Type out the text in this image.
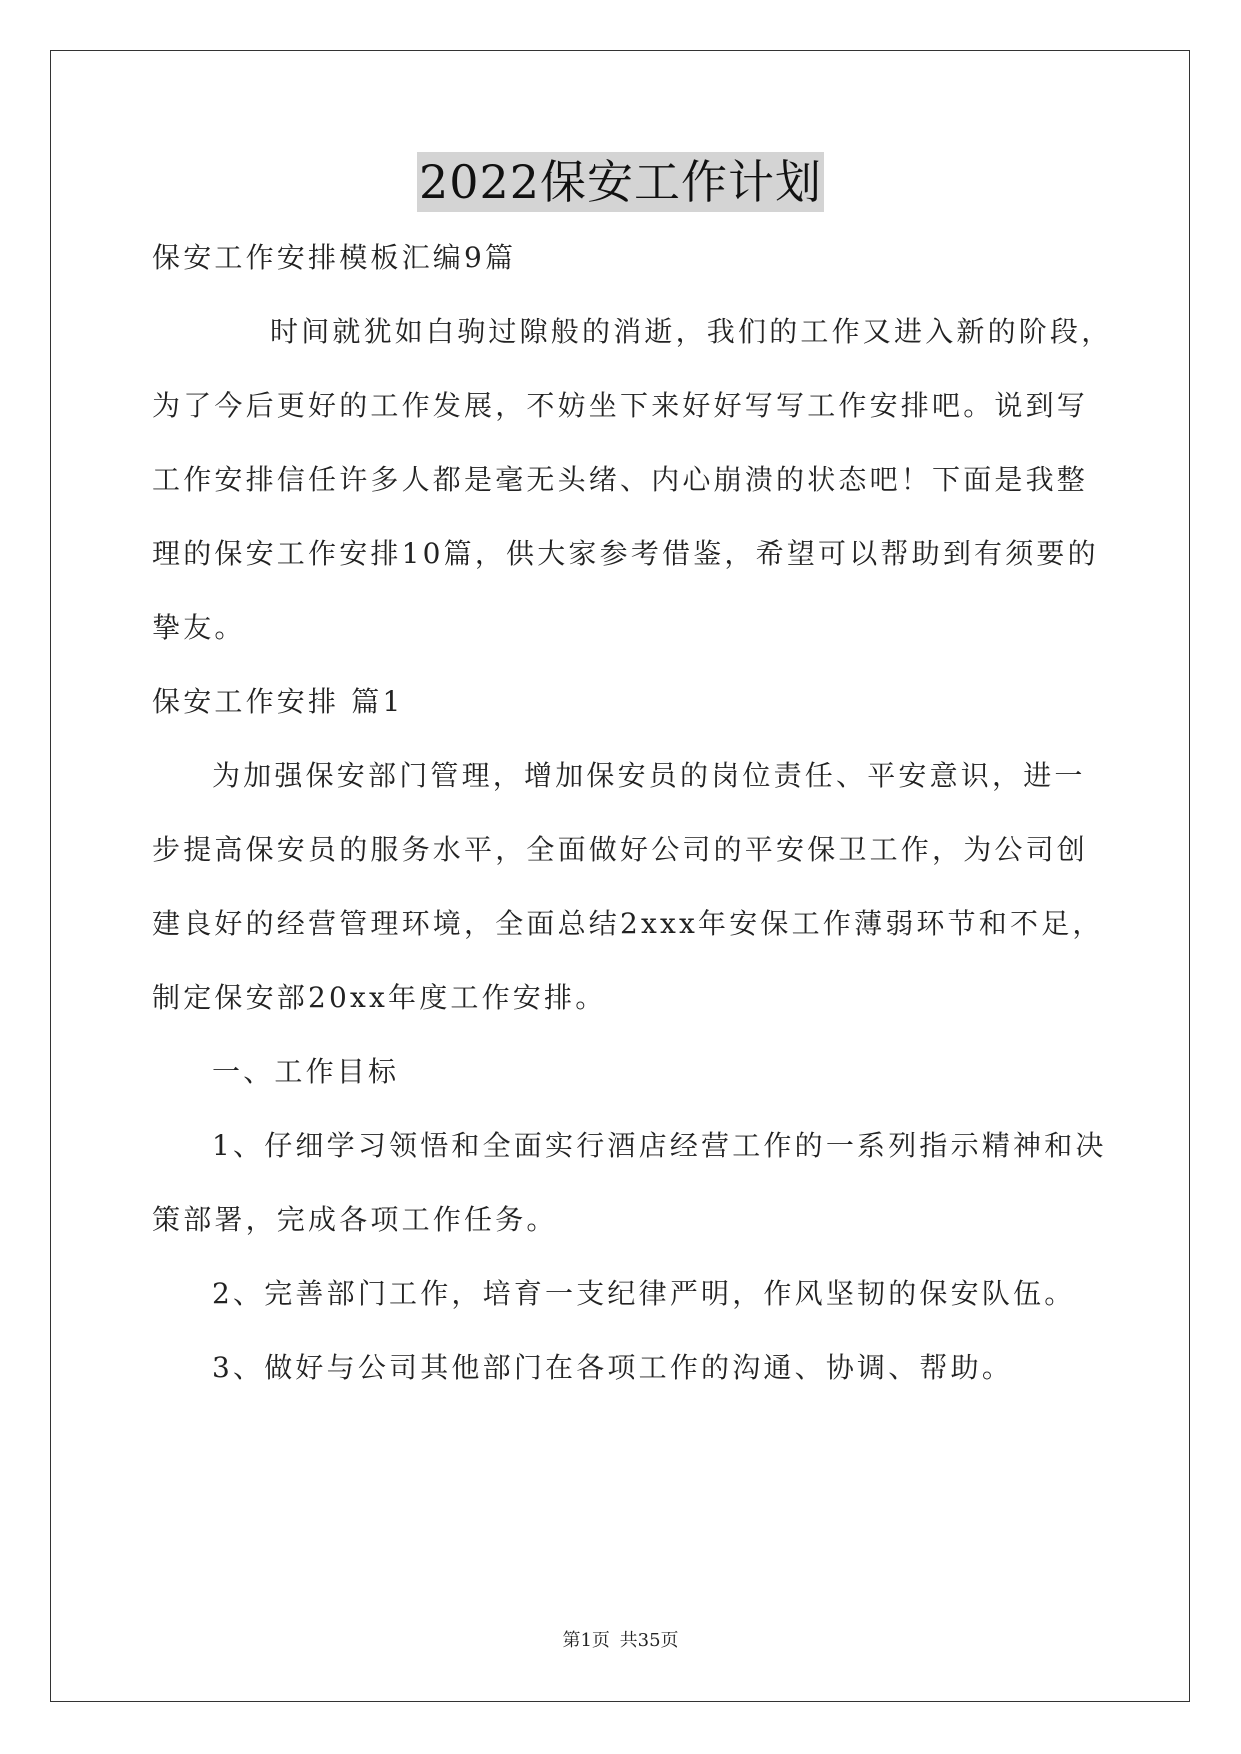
2022保安工作计划
保安工作安排模板汇编9篇
时间就犹如白驹过隙般的消逝，我们的工作又进入新的阶段，
为了今后更好的工作发展，不妨坐下来好好写写工作安排吧。说到写
工作安排信任许多人都是毫无头绪、内心崩溃的状态吧！下面是我整
理的保安工作安排10篇，供大家参考借鉴，希望可以帮助到有须要的
挚友。
保安工作安排 篇1
为加强保安部门管理，增加保安员的岗位责任、平安意识，进一
步提高保安员的服务水平，全面做好公司的平安保卫工作，为公司创
建良好的经营管理环境，全面总结2xxx年安保工作薄弱环节和不足，
制定保安部20xx年度工作安排。
一、工作目标
1、仔细学习领悟和全面实行酒店经营工作的一系列指示精神和决
策部署，完成各项工作任务。
2、完善部门工作，培育一支纪律严明，作风坚韧的保安队伍。
3、做好与公司其他部门在各项工作的沟通、协调、帮助。
第1页 共35页
